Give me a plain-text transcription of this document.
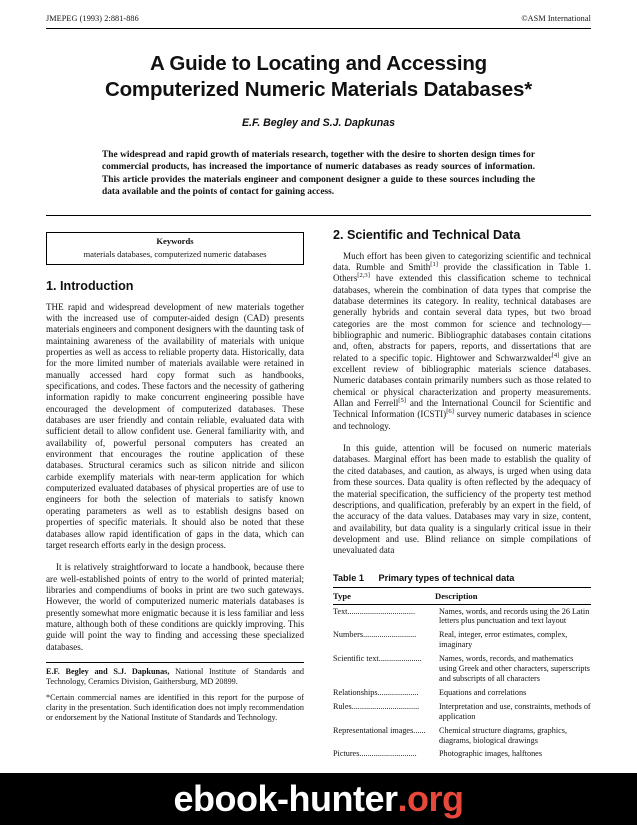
JMEPEG (1993) 2:881-886	©ASM International
A Guide to Locating and Accessing
Computerized Numeric Materials Databases*
E.F. Begley and S.J. Dapkunas
The widespread and rapid growth of materials research, together with the desire to shorten design times for commercial products, has increased the importance of numeric databases as ready sources of information. This article provides the materials engineer and component designer a guide to these sources including the data available and the points of contact for gaining access.
Keywords
materials databases, computerized numeric databases
1. Introduction

THE rapid and widespread development of new materials together with the increased use of computer-aided design (CAD) presents materials engineers and component designers with the daunting task of maintaining awareness of the availability of materials with unique properties as well as access to reliable property data. Historically, data for the more limited number of materials available were retained in manually accessed hard copy format such as handbooks, specifications, and codes. These factors and the necessity of gathering information rapidly to make concurrent engineering possible have encouraged the development of computerized databases. These databases are user friendly and contain reliable, evaluated data with sufficient detail to allow confident use. General familiarity with, and availability of, powerful personal computers has created an environment that encourages the routine application of these databases. Structural ceramics such as silicon nitride and silicon carbide exemplify materials with near-term application for which computerized evaluated databases of physical properties are of use to engineers for both the selection of materials to satisfy known operating parameters as well as to establish designs based on properties of specific materials. It should also be noted that these databases allow rapid identification of gaps in the data, which can target research efforts early in the design process.

It is relatively straightforward to locate a handbook, because there are well-established points of entry to the world of printed material; libraries and compendiums of books in print are two such gateways. However, the world of computerized numeric materials databases is presently somewhat more enigmatic because it is less familiar and less mature, although both of these conditions are quickly improving. This guide will point the way to finding and accessing these specialized databases.

E.F. Begley and S.J. Dapkunas, National Institute of Standards and Technology, Ceramics Division, Gaithersburg, MD 20899.
*Certain commercial names are identified in this report for the purpose of clarity in the presentation. Such identification does not imply recommendation or endorsement by the National Institute of Standards and Technology.
2. Scientific and Technical Data

Much effort has been given to categorizing scientific and technical data. Rumble and Smith[1] provide the classification in Table 1. Others[2,3] have extended this classification scheme to technical databases, wherein the combination of data types that comprise the database determines its category. In reality, technical databases are generally hybrids and contain several data types, but two broad categories are the most common for science and technology—bibliographic and numeric. Bibliographic databases contain citations and, often, abstracts for papers, reports, and dissertations that are related to a specific topic. Hightower and Schwarzwalder[4] give an excellent review of bibliographic materials science databases. Numeric databases contain primarily numbers such as those related to chemical or physical characterization and property measurements. Allan and Ferrell[5] and the International Council for Scientific and Technical Information (ICSTI)[6] survey numeric databases in science and technology.

In this guide, attention will be focused on numeric materials databases. Marginal effort has been made to establish the quality of the cited databases, and caution, as always, is urged when using data from these sources. Data quality is often reflected by the adequacy of the material specification, the sufficiency of the property test method descriptions, and qualification, preferably by an expert in the field, of the accuracy of the data values. Databases may vary in size, content, and availability, but data quality is a singularly critical issue in their development and use. Blind reliance on simple compilations of unevaluated data

Table 1 Primary types of technical data
Type	Description
Text.................................	Names, words, and records using the 26 Latin letters plus punctuation and text layout
Numbers..........................	Real, integer, error estimates, complex, imaginary
Scientific text.....................	Names, words, records, and mathematics using Greek and other characters, superscripts and subscripts of all characters
Relationships....................	Equations and correlations
Rules.................................	Interpretation and use, constraints, methods of application
Representational images......	Chemical structure diagrams, graphics, diagrams, biological drawings
Pictures............................	Photographic images, halftones
ebook-hunter .org
